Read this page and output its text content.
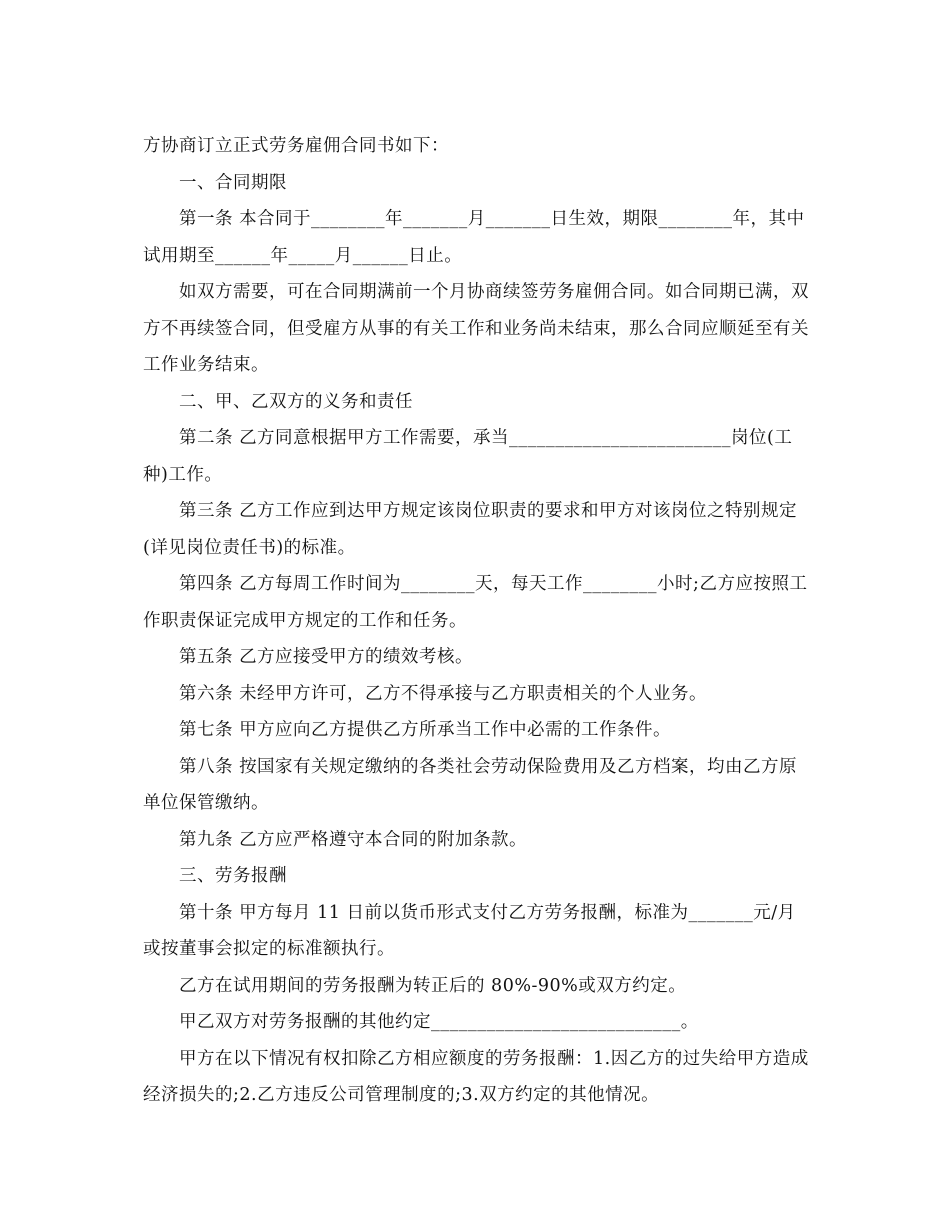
方协商订立正式劳务雇佣合同书如下：

一、合同期限

第一条 本合同于________年_______月_______日生效，期限________年，其中试用期至______年_____月______日止。

如双方需要，可在合同期满前一个月协商续签劳务雇佣合同。如合同期已满，双方不再续签合同，但受雇方从事的有关工作和业务尚未结束，那么合同应顺延至有关工作业务结束。

二、甲、乙双方的义务和责任

第二条 乙方同意根据甲方工作需要，承当________________________岗位(工种)工作。

第三条 乙方工作应到达甲方规定该岗位职责的要求和甲方对该岗位之特别规定(详见岗位责任书)的标准。

第四条 乙方每周工作时间为________天，每天工作________小时;乙方应按照工作职责保证完成甲方规定的工作和任务。

第五条 乙方应接受甲方的绩效考核。

第六条 未经甲方许可，乙方不得承接与乙方职责相关的个人业务。

第七条 甲方应向乙方提供乙方所承当工作中必需的工作条件。

第八条 按国家有关规定缴纳的各类社会劳动保险费用及乙方档案，均由乙方原单位保管缴纳。

第九条 乙方应严格遵守本合同的附加条款。

三、劳务报酬

第十条 甲方每月 11 日前以货币形式支付乙方劳务报酬，标准为_______元/月或按董事会拟定的标准额执行。

乙方在试用期间的劳务报酬为转正后的 80%-90%或双方约定。

甲乙双方对劳务报酬的其他约定___________________________。

甲方在以下情况有权扣除乙方相应额度的劳务报酬：1.因乙方的过失给甲方造成经济损失的;2.乙方违反公司管理制度的;3.双方约定的其他情况。
